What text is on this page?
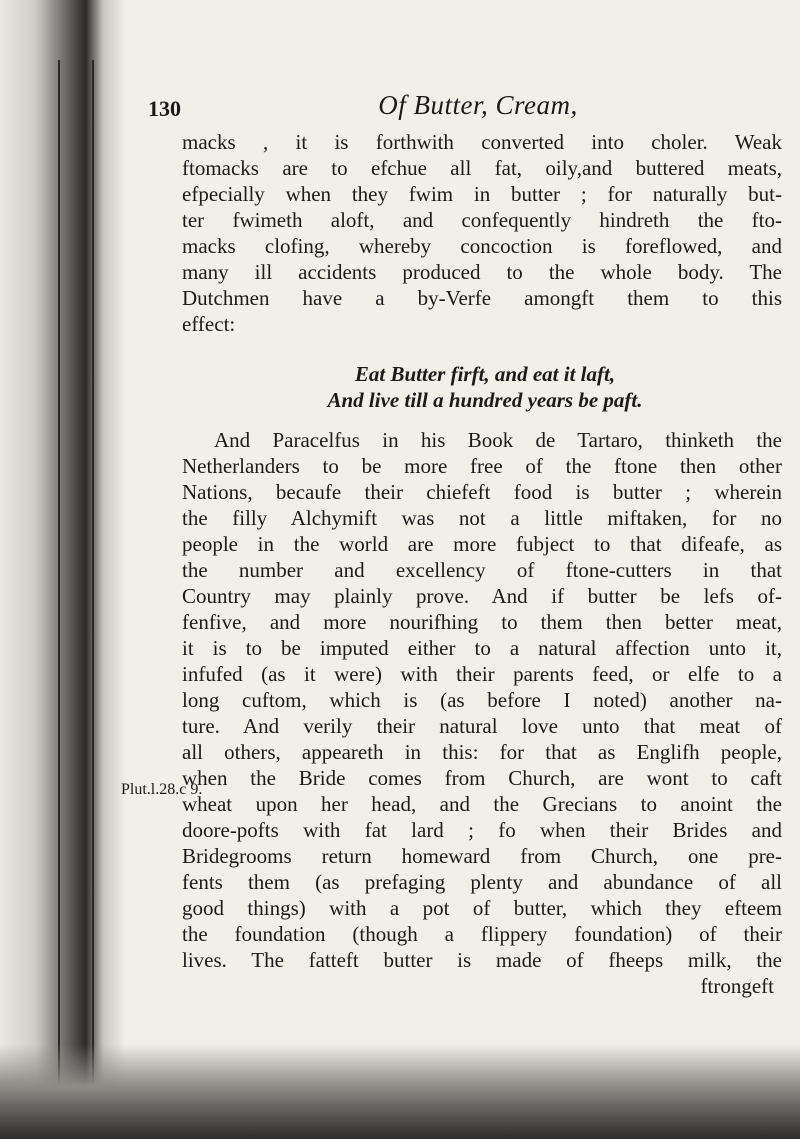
130	Of Butter, Cream,
macks , it is forthwith converted into choler. Weak
ftomacks are to efchue all fat, oily,and buttered meats,
efpecially when they fwim in butter ; for naturally but-
ter fwimeth aloft, and confequently hindreth the fto-
macks clofing, whereby concoction is foreflowed, and
many ill accidents produced to the whole body. The
Dutchmen have a by-Verfe amongft them to this
effect:
Eat Butter firft, and eat it laft,
And live till a hundred years be paft.
And Paracelfus in his Book de Tartaro, thinketh the
Netherlanders to be more free of the ftone then other
Nations, becaufe their chiefeft food is butter ; wherein
the filly Alchymift was not a little miftaken, for no
people in the world are more fubject to that difeafe, as
the number and excellency of ftone-cutters in that
Country may plainly prove. And if butter be lefs of-
fenfive, and more nourifhing to them then better meat,
it is to be imputed either to a natural affection unto it,
infufed (as it were) with their parents feed, or elfe to a
long cuftom, which is (as before I noted) another na-
ture. And verily their natural love unto that meat of
all others, appeareth in this: for that as Englifh people,
when the Bride comes from Church, are wont to caft
wheat upon her head, and the Grecians to anoint the
doore-pofts with fat lard ; fo when their Brides and
Bridegrooms return homeward from Church, one pre-
fents them (as prefaging plenty and abundance of all
good things) with a pot of butter, which they efteem
the foundation (though a flippery foundation) of their
lives. The fatteft butter is made of fheeps milk, the
ftrongeft
Plut.l.28.c 9.
